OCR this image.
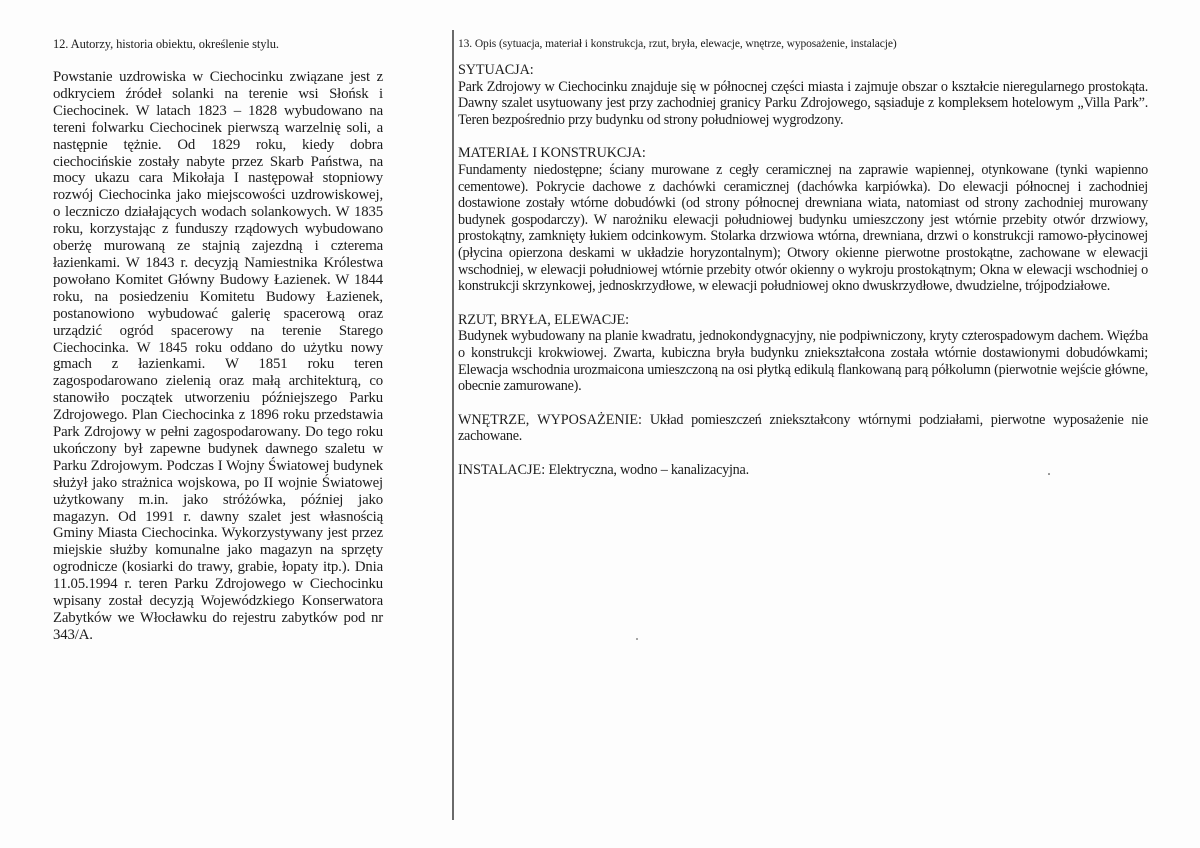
12. Autorzy, historia obiektu, określenie stylu.

Powstanie uzdrowiska w Ciechocinku związane jest z odkryciem źródeł solanki na terenie wsi Słońsk i Ciechocinek. W latach 1823 – 1828 wybudowano na tereni folwarku Ciechocinek pierwszą warzelnię soli, a następnie tężnie. Od 1829 roku, kiedy dobra ciechocińskie zostały nabyte przez Skarb Państwa, na mocy ukazu cara Mikołaja I następował stopniowy rozwój Ciechocinka jako miejscowości uzdrowiskowej, o leczniczo działających wodach solankowych. W 1835 roku, korzystając z funduszy rządowych wybudowano oberżę murowaną ze stajnią zajezdną i czterema łazienkami. W 1843 r. decyzją Namiestnika Królestwa powołano Komitet Główny Budowy Łazienek. W 1844 roku, na posiedzeniu Komitetu Budowy Łazienek, postanowiono wybudować galerię spacerową oraz urządzić ogród spacerowy na terenie Starego Ciechocinka. W 1845 roku oddano do użytku nowy gmach z łazienkami. W 1851 roku teren zagospodarowano zielenią oraz małą architekturą, co stanowiło początek utworzeniu późniejszego Parku Zdrojowego. Plan Ciechocinka z 1896 roku przedstawia Park Zdrojowy w pełni zagospodarowany. Do tego roku ukończony był zapewne budynek dawnego szaletu w Parku Zdrojowym. Podczas I Wojny Światowej budynek służył jako strażnica wojskowa, po II wojnie Światowej użytkowany m.in. jako stróżówka, później jako magazyn. Od 1991 r. dawny szalet jest własnością Gminy Miasta Ciechocinka. Wykorzystywany jest przez miejskie służby komunalne jako magazyn na sprzęty ogrodnicze (kosiarki do trawy, grabie, łopaty itp.). Dnia 11.05.1994 r. teren Parku Zdrojowego w Ciechocinku wpisany został decyzją Wojewódzkiego Konserwatora Zabytków we Włocławku do rejestru zabytków pod nr 343/A.

13. Opis (sytuacja, materiał i konstrukcja, rzut, bryła, elewacje, wnętrze, wyposażenie, instalacje)

SYTUACJA:

Park Zdrojowy w Ciechocinku znajduje się w północnej części miasta i zajmuje obszar o kształcie nieregularnego prostokąta. Dawny szalet usytuowany jest przy zachodniej granicy Parku Zdrojowego, sąsiaduje z kompleksem hotelowym „Villa Park”. Teren bezpośrednio przy budynku od strony południowej wygrodzony.

MATERIAŁ I KONSTRUKCJA:

Fundamenty niedostępne; ściany murowane z cegły ceramicznej na zaprawie wapiennej, otynkowane (tynki wapienno cementowe). Pokrycie dachowe z dachówki ceramicznej (dachówka karpiówka). Do elewacji północnej i zachodniej dostawione zostały wtórne dobudówki (od strony północnej drewniana wiata, natomiast od strony zachodniej murowany budynek gospodarczy). W narożniku elewacji południowej budynku umieszczony jest wtórnie przebity otwór drzwiowy, prostokątny, zamknięty łukiem odcinkowym. Stolarka drzwiowa wtórna, drewniana, drzwi o konstrukcji ramowo-płycinowej (płycina opierzona deskami w układzie horyzontalnym); Otwory okienne pierwotne prostokątne, zachowane w elewacji wschodniej, w elewacji południowej wtórnie przebity otwór okienny o wykroju prostokątnym; Okna w elewacji wschodniej o konstrukcji skrzynkowej, jednoskrzydłowe, w elewacji południowej okno dwuskrzydłowe, dwudzielne, trójpodziałowe.

RZUT, BRYŁA, ELEWACJE:

Budynek wybudowany na planie kwadratu, jednokondygnacyjny, nie podpiwniczony, kryty czterospadowym dachem. Więźba o konstrukcji krokwiowej. Zwarta, kubiczna bryła budynku zniekształcona została wtórnie dostawionymi dobudówkami; Elewacja wschodnia urozmaicona umieszczoną na osi płytką edikulą flankowaną parą półkolumn (pierwotnie wejście główne, obecnie zamurowane).

WNĘTRZE, WYPOSAŻENIE: Układ pomieszczeń zniekształcony wtórnymi podziałami, pierwotne wyposażenie nie zachowane.

INSTALACJE: Elektryczna, wodno – kanalizacyjna.
